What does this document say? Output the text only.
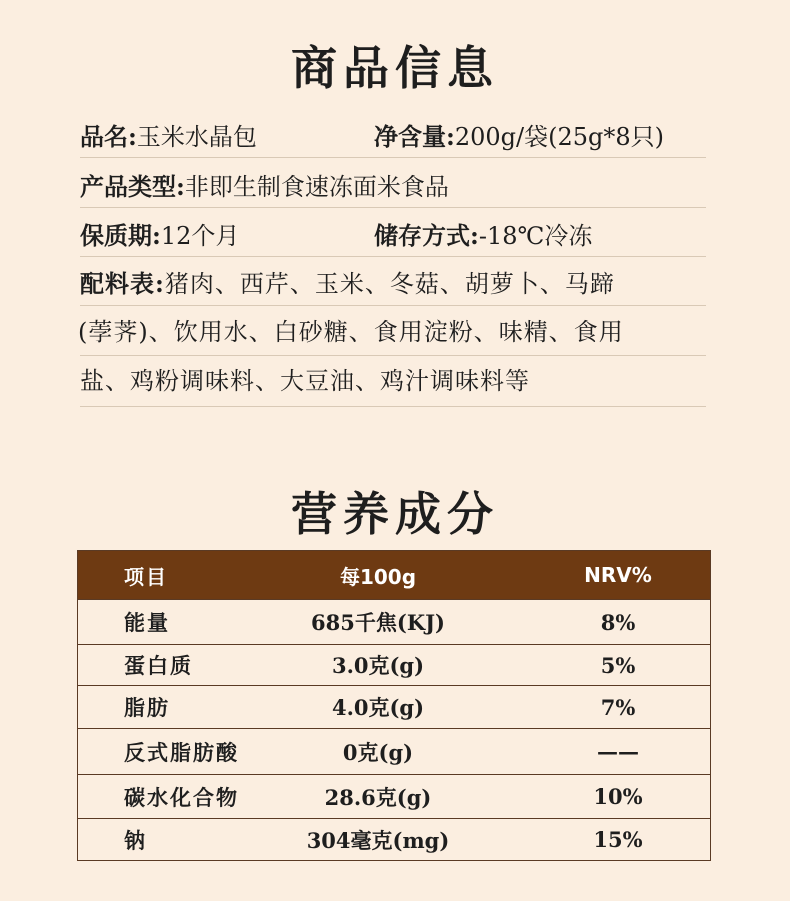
商品信息
品名:玉米水晶包	净含量:200g/袋(25g*8只)
产品类型:非即生制食速冻面米食品
保质期:12个月	储存方式:-18℃冷冻
配料表:猪肉、西芹、玉米、冬菇、胡萝卜、马蹄
(荸荠)、饮用水、白砂糖、食用淀粉、味精、食用
盐、鸡粉调味料、大豆油、鸡汁调味料等
营养成分
项目	每100g	NRV%
能量	685千焦(KJ)	8%
蛋白质	3.0克(g)	5%
脂肪	4.0克(g)	7%
反式脂肪酸	0克(g)	——
碳水化合物	28.6克(g)	10%
钠	304毫克(mg)	15%
